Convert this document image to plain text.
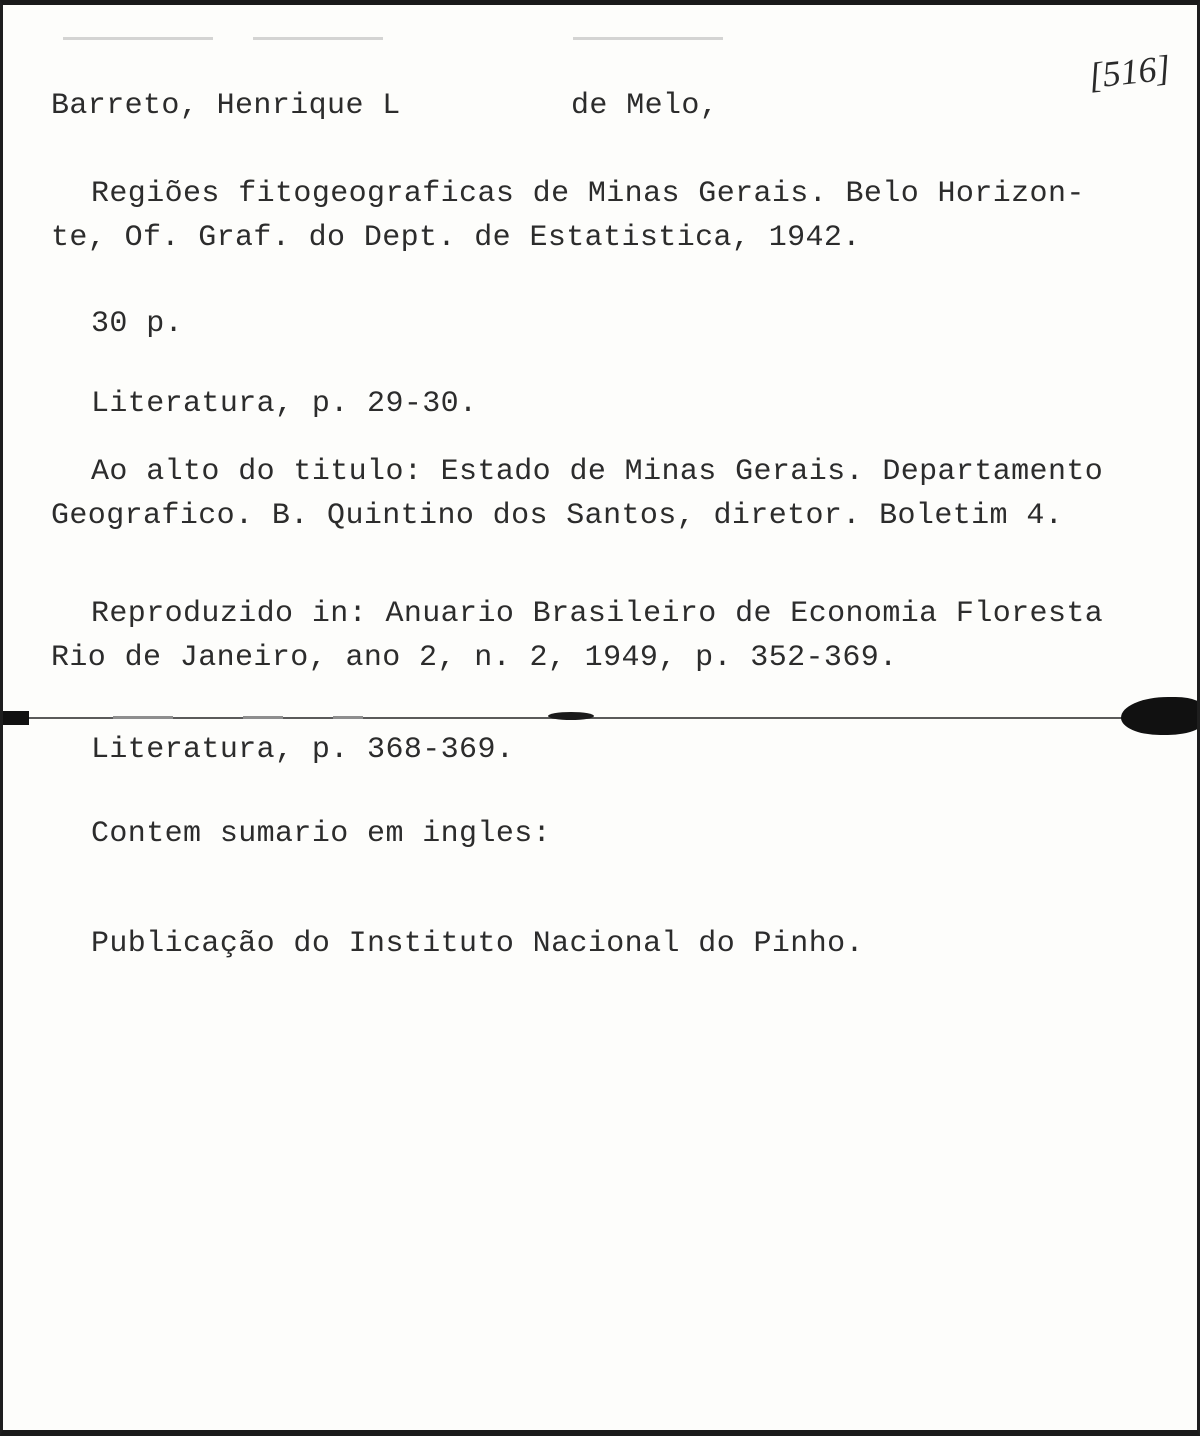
[516]
Barreto, Henrique L	de Melo,
Regiões fitogeograficas de Minas Gerais. Belo Horizon-
te, Of. Graf. do Dept. de Estatistica, 1942.
30 p.
Literatura, p. 29-30.
Ao alto do titulo: Estado de Minas Gerais. Departamento
Geografico. B. Quintino dos Santos, diretor. Boletim 4.
Reproduzido in: Anuario Brasileiro de Economia Floresta
Rio de Janeiro, ano 2, n. 2, 1949, p. 352-369.
Literatura, p. 368-369.
Contem sumario em ingles:
Publicação do Instituto Nacional do Pinho.
